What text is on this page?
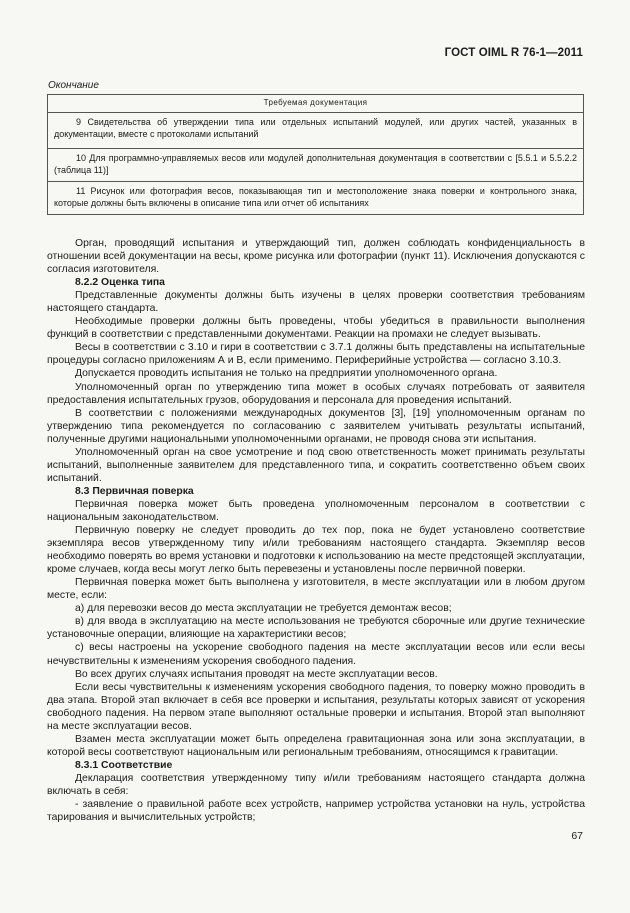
ГОСТ OIML R 76-1—2011
Окончание
Требуемая документация
9 Свидетельства об утверждении типа или отдельных испытаний модулей, или других частей, указанных в документации, вместе с протоколами испытаний
10 Для программно-управляемых весов или модулей дополнительная документация в соответствии с [5.5.1 и 5.5.2.2 (таблица 11)]
11 Рисунок или фотография весов, показывающая тип и местоположение знака поверки и контрольного знака, которые должны быть включены в описание типа или отчет об испытаниях

Орган, проводящий испытания и утверждающий тип, должен соблюдать конфиденциальность в отношении всей документации на весы, кроме рисунка или фотографии (пункт 11). Исключения допускаются с согласия изготовителя.

8.2.2 Оценка типа

Представленные документы должны быть изучены в целях проверки соответствия требованиям настоящего стандарта.

Необходимые проверки должны быть проведены, чтобы убедиться в правильности выполнения функций в соответствии с представленными документами. Реакции на промахи не следует вызывать.

Весы в соответствии с 3.10 и гири в соответствии с 3.7.1 должны быть представлены на испытательные процедуры согласно приложениям А и В, если применимо. Периферийные устройства — согласно 3.10.3.

Допускается проводить испытания не только на предприятии уполномоченного органа.

Уполномоченный орган по утверждению типа может в особых случаях потребовать от заявителя предоставления испытательных грузов, оборудования и персонала для проведения испытаний.

В соответствии с положениями международных документов [3], [19] уполномоченным органам по утверждению типа рекомендуется по согласованию с заявителем учитывать результаты испытаний, полученные другими национальными уполномоченными органами, не проводя снова эти испытания.

Уполномоченный орган на свое усмотрение и под свою ответственность может принимать результаты испытаний, выполненные заявителем для представленного типа, и сократить соответственно объем своих испытаний.

8.3 Первичная поверка

Первичная поверка может быть проведена уполномоченным персоналом в соответствии с национальным законодательством.

Первичную поверку не следует проводить до тех пор, пока не будет установлено соответствие экземпляра весов утвержденному типу и/или требованиям настоящего стандарта. Экземпляр весов необходимо поверять во время установки и подготовки к использованию на месте предстоящей эксплуатации, кроме случаев, когда весы могут легко быть перевезены и установлены после первичной поверки.

Первичная поверка может быть выполнена у изготовителя, в месте эксплуатации или в любом другом месте, если:

а) для перевозки весов до места эксплуатации не требуется демонтаж весов;

в) для ввода в эксплуатацию на месте использования не требуются сборочные или другие технические установочные операции, влияющие на характеристики весов;

с) весы настроены на ускорение свободного падения на месте эксплуатации весов или если весы нечувствительны к изменениям ускорения свободного падения.

Во всех других случаях испытания проводят на месте эксплуатации весов.

Если весы чувствительны к изменениям ускорения свободного падения, то поверку можно проводить в два этапа. Второй этап включает в себя все проверки и испытания, результаты которых зависят от ускорения свободного падения. На первом этапе выполняют остальные проверки и испытания. Второй этап выполняют на месте эксплуатации весов.

Взамен места эксплуатации может быть определена гравитационная зона или зона эксплуатации, в которой весы соответствуют национальным или региональным требованиям, относящимся к гравитации.

8.3.1 Соответствие

Декларация соответствия утвержденному типу и/или требованиям настоящего стандарта должна включать в себя:

- заявление о правильной работе всех устройств, например устройства установки на нуль, устройства тарирования и вычислительных устройств;

67
